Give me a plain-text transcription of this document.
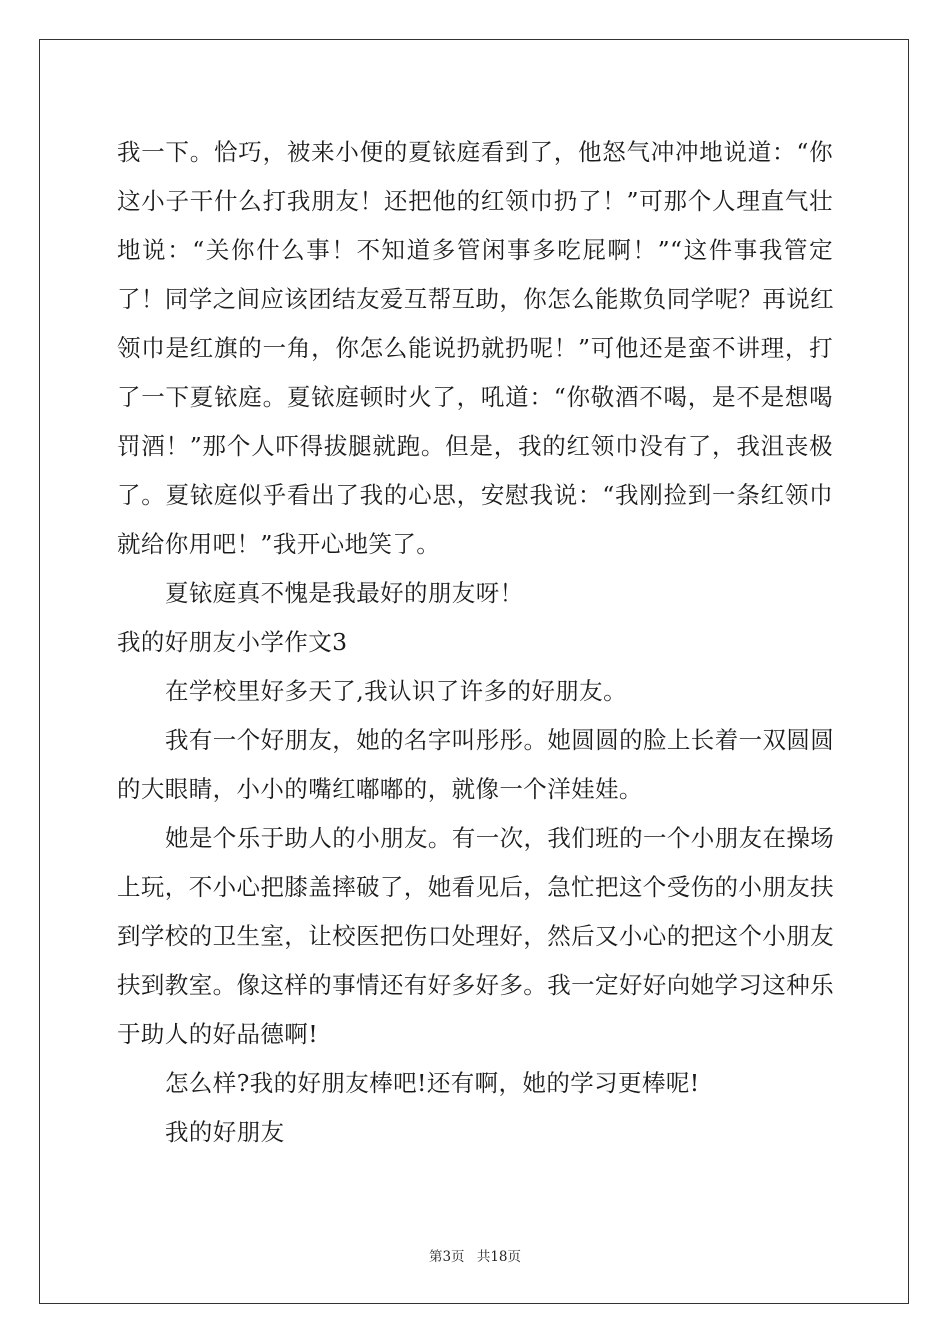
我一下。恰巧，被来小便的夏铱庭看到了，他怒气冲冲地说道：“你
这小子干什么打我朋友！还把他的红领巾扔了！”可那个人理直气壮
地说：“关你什么事！不知道多管闲事多吃屁啊！”“这件事我管定
了！同学之间应该团结友爱互帮互助，你怎么能欺负同学呢？再说红
领巾是红旗的一角，你怎么能说扔就扔呢！”可他还是蛮不讲理，打
了一下夏铱庭。夏铱庭顿时火了，吼道：“你敬酒不喝，是不是想喝
罚酒！”那个人吓得拔腿就跑。但是，我的红领巾没有了，我沮丧极
了。夏铱庭似乎看出了我的心思，安慰我说：“我刚捡到一条红领巾
就给你用吧！”我开心地笑了。
夏铱庭真不愧是我最好的朋友呀！
我的好朋友小学作文3
在学校里好多天了,我认识了许多的好朋友。
我有一个好朋友，她的名字叫彤彤。她圆圆的脸上长着一双圆圆
的大眼睛，小小的嘴红嘟嘟的，就像一个洋娃娃。
她是个乐于助人的小朋友。有一次，我们班的一个小朋友在操场
上玩，不小心把膝盖摔破了，她看见后，急忙把这个受伤的小朋友扶
到学校的卫生室，让校医把伤口处理好，然后又小心的把这个小朋友
扶到教室。像这样的事情还有好多好多。我一定好好向她学习这种乐
于助人的好品德啊!
怎么样?我的好朋友棒吧!还有啊，她的学习更棒呢!
我的好朋友
第3页 共18页
